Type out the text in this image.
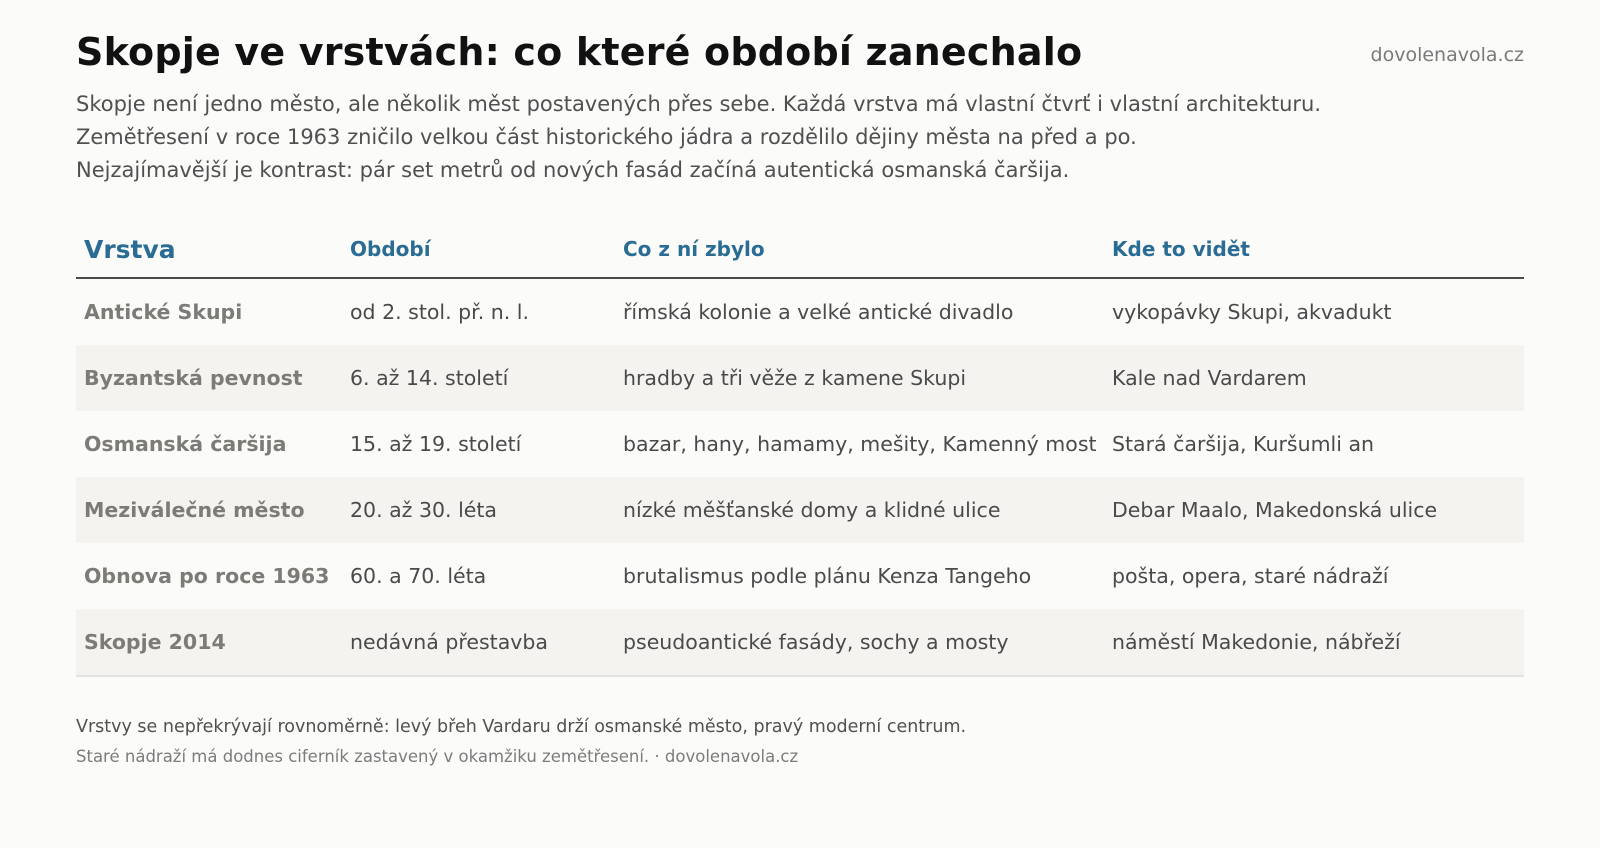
Skopje ve vrstvách: co které období zanechalo	dovolenavola.cz
Skopje není jedno město, ale několik měst postavených přes sebe. Každá vrstva má vlastní čtvrť i vlastní architekturu.
Zemětřesení v roce 1963 zničilo velkou část historického jádra a rozdělilo dějiny města na před a po.
Nejzajímavější je kontrast: pár set metrů od nových fasád začíná autentická osmanská čaršija.
Vrstva	Období	Co z ní zbylo	Kde to vidět
Antické Skupi	od 2. stol. př. n. l.	římská kolonie a velké antické divadlo	vykopávky Skupi, akvadukt
Byzantská pevnost	6. až 14. století	hradby a tři věže z kamene Skupi	Kale nad Vardarem
Osmanská čaršija	15. až 19. století	bazar, hany, hamamy, mešity, Kamenný most	Stará čaršija, Kuršumli an
Meziválečné město	20. až 30. léta	nízké měšťanské domy a klidné ulice	Debar Maalo, Makedonská ulice
Obnova po roce 1963	60. a 70. léta	brutalismus podle plánu Kenza Tangeho	pošta, opera, staré nádraží
Skopje 2014	nedávná přestavba	pseudoantické fasády, sochy a mosty	náměstí Makedonie, nábřeží
Vrstvy se nepřekrývají rovnoměrně: levý břeh Vardaru drží osmanské město, pravý moderní centrum.
Staré nádraží má dodnes ciferník zastavený v okamžiku zemětřesení. · dovolenavola.cz
